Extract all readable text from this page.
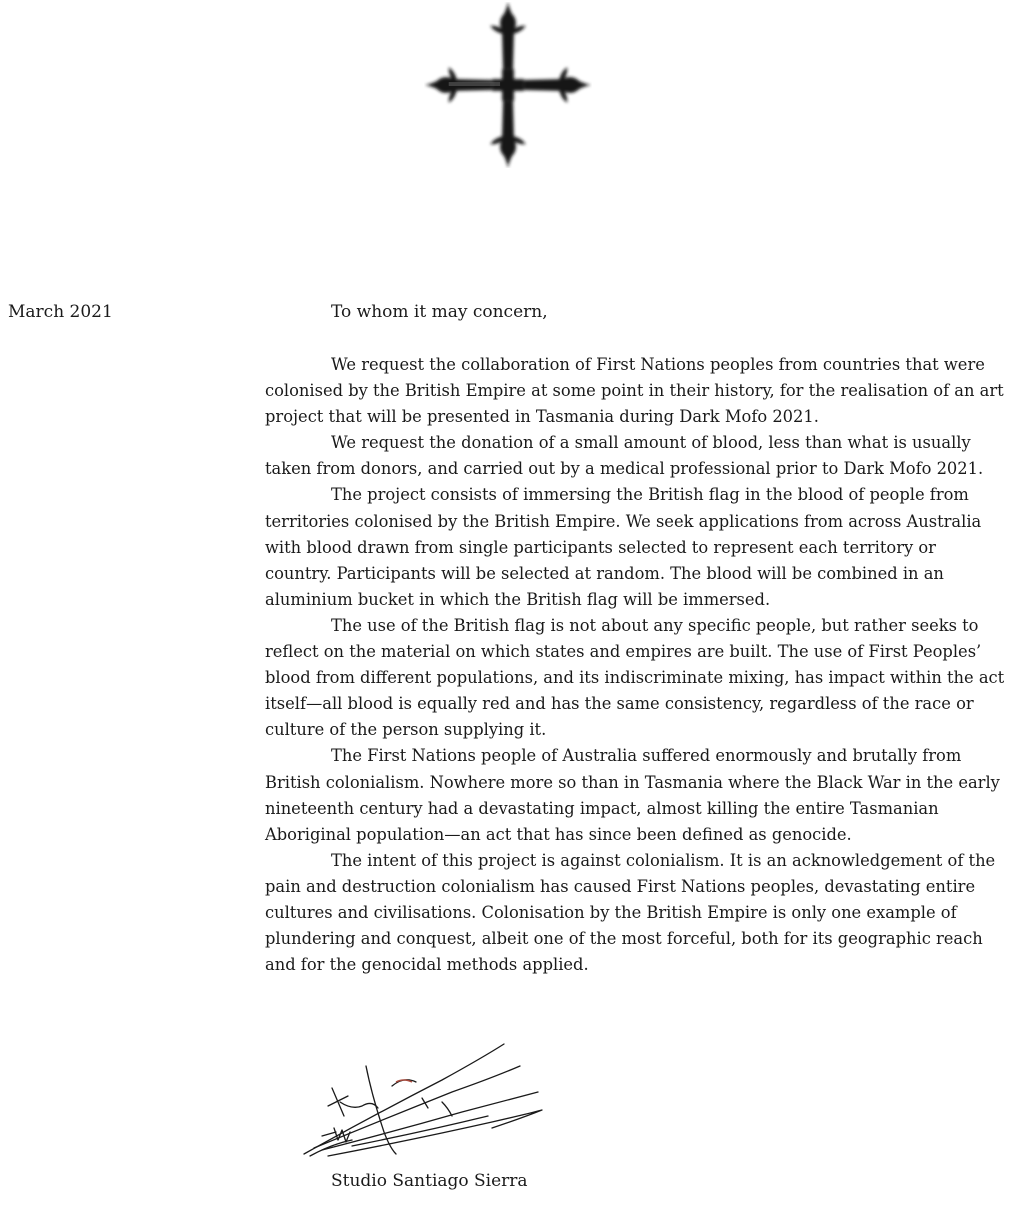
March 2021	To whom it may concern,

We request the collaboration of First Nations peoples from countries that were colonised by the British Empire at some point in their history, for the realisation of an art project that will be presented in Tasmania during Dark Mofo 2021.

We request the donation of a small amount of blood, less than what is usually taken from donors, and carried out by a medical professional prior to Dark Mofo 2021.

The project consists of immersing the British flag in the blood of people from territories colonised by the British Empire. We seek applications from across Australia with blood drawn from single participants selected to represent each territory or country. Participants will be selected at random. The blood will be combined in an aluminium bucket in which the British flag will be immersed.

The use of the British flag is not about any specific people, but rather seeks to reflect on the material on which states and empires are built. The use of First Peoples’ blood from different populations, and its indiscriminate mixing, has impact within the act itself—all blood is equally red and has the same consistency, regardless of the race or culture of the person supplying it.

The First Nations people of Australia suffered enormously and brutally from British colonialism. Nowhere more so than in Tasmania where the Black War in the early nineteenth century had a devastating impact, almost killing the entire Tasmanian Aboriginal population—an act that has since been defined as genocide.

The intent of this project is against colonialism. It is an acknowledgement of the pain and destruction colonialism has caused First Nations peoples, devastating entire cultures and civilisations. Colonisation by the British Empire is only one example of plundering and conquest, albeit one of the most forceful, both for its geographic reach and for the genocidal methods applied.

Studio Santiago Sierra
